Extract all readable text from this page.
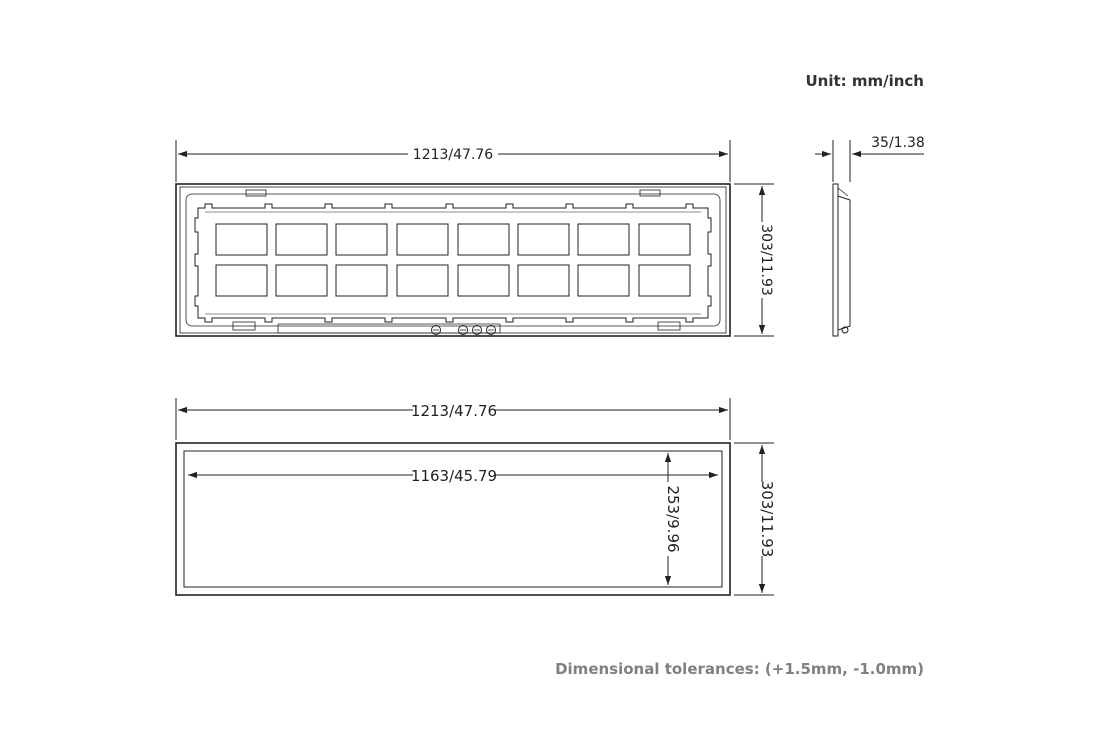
Unit: mm/inch
1213/47.76
303/11.93
35/1.38
1213/47.76
1163/45.79
253/9.96	303/11.93
Dimensional tolerances: (+1.5mm, -1.0mm)
